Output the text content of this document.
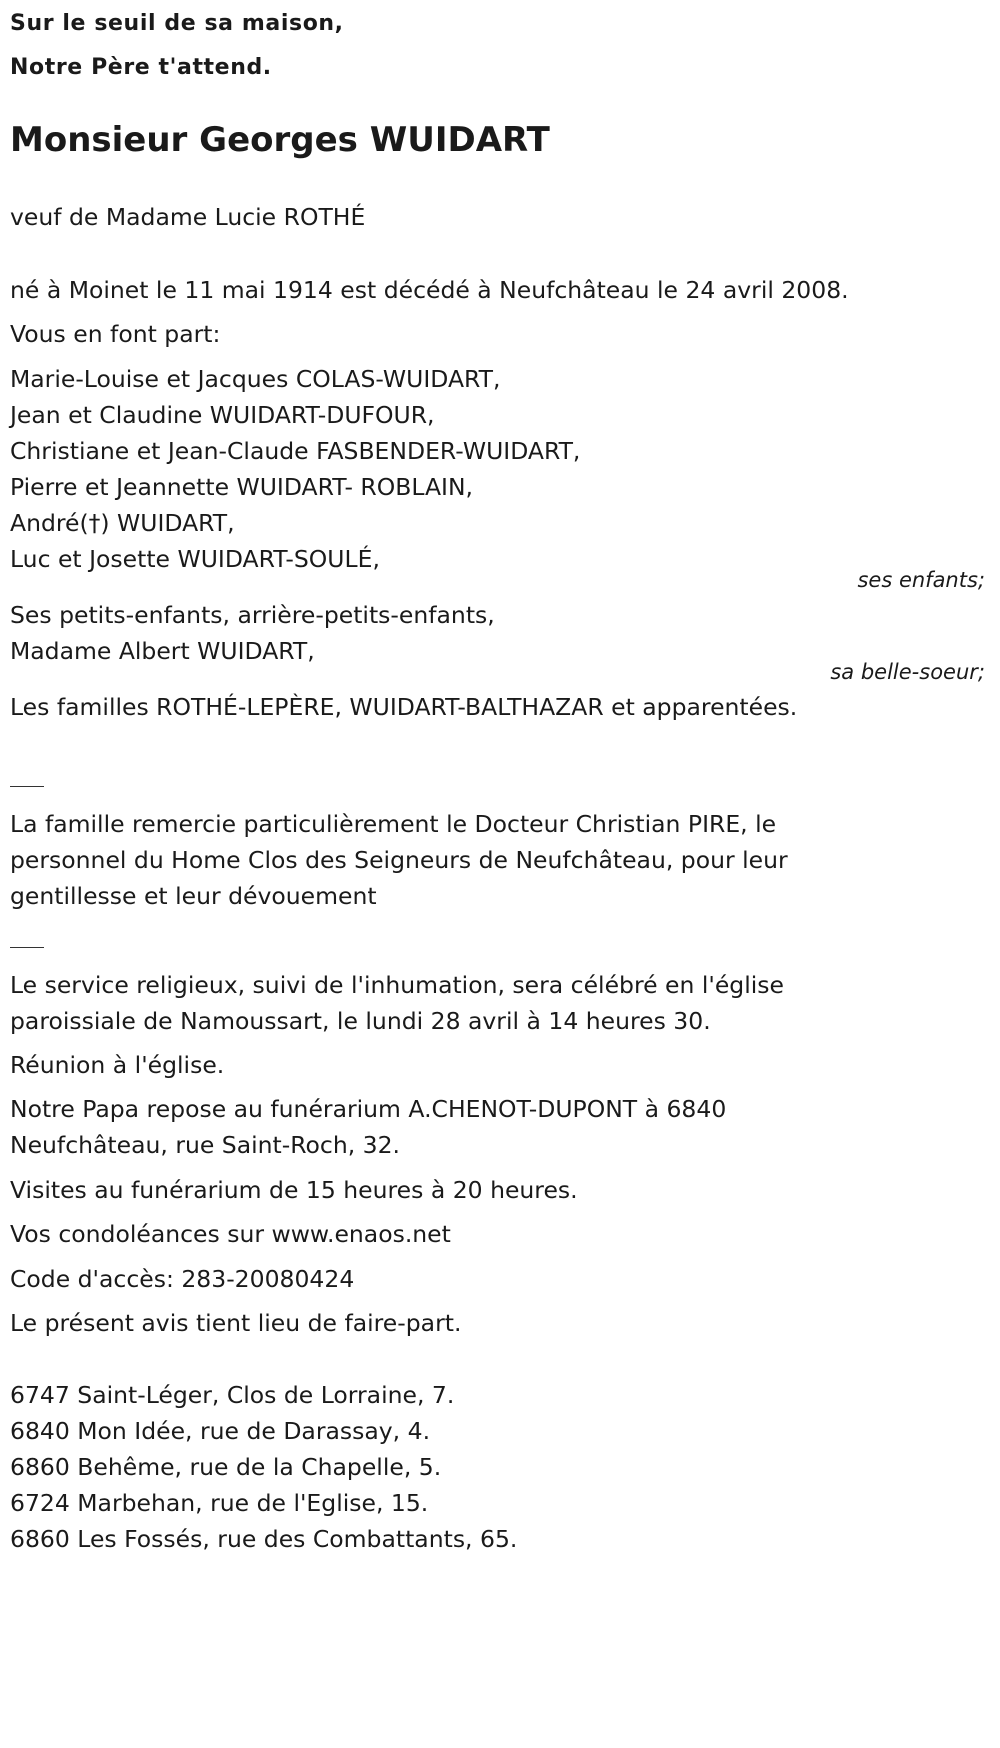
Sur le seuil de sa maison,
Notre Père t'attend.
Monsieur Georges WUIDART
veuf de Madame Lucie ROTHÉ
né à Moinet le 11 mai 1914 est décédé à Neufchâteau le 24 avril 2008.
Vous en font part:
Marie-Louise et Jacques COLAS-WUIDART,
Jean et Claudine WUIDART-DUFOUR,
Christiane et Jean-Claude FASBENDER-WUIDART,
Pierre et Jeannette WUIDART- ROBLAIN,
André(†) WUIDART,
Luc et Josette WUIDART-SOULÉ,
ses enfants;
Ses petits-enfants, arrière-petits-enfants,
Madame Albert WUIDART,
sa belle-soeur;
Les familles ROTHÉ-LEPÈRE, WUIDART-BALTHAZAR et apparentées.
La famille remercie particulièrement le Docteur Christian PIRE, le
personnel du Home Clos des Seigneurs de Neufchâteau, pour leur
gentillesse et leur dévouement
Le service religieux, suivi de l'inhumation, sera célébré en l'église
paroissiale de Namoussart, le lundi 28 avril à 14 heures 30.
Réunion à l'église.
Notre Papa repose au funérarium A.CHENOT-DUPONT à 6840
Neufchâteau, rue Saint-Roch, 32.
Visites au funérarium de 15 heures à 20 heures.
Vos condoléances sur www.enaos.net
Code d'accès: 283-20080424
Le présent avis tient lieu de faire-part.
6747 Saint-Léger, Clos de Lorraine, 7.
6840 Mon Idée, rue de Darassay, 4.
6860 Behême, rue de la Chapelle, 5.
6724 Marbehan, rue de l'Eglise, 15.
6860 Les Fossés, rue des Combattants, 65.
